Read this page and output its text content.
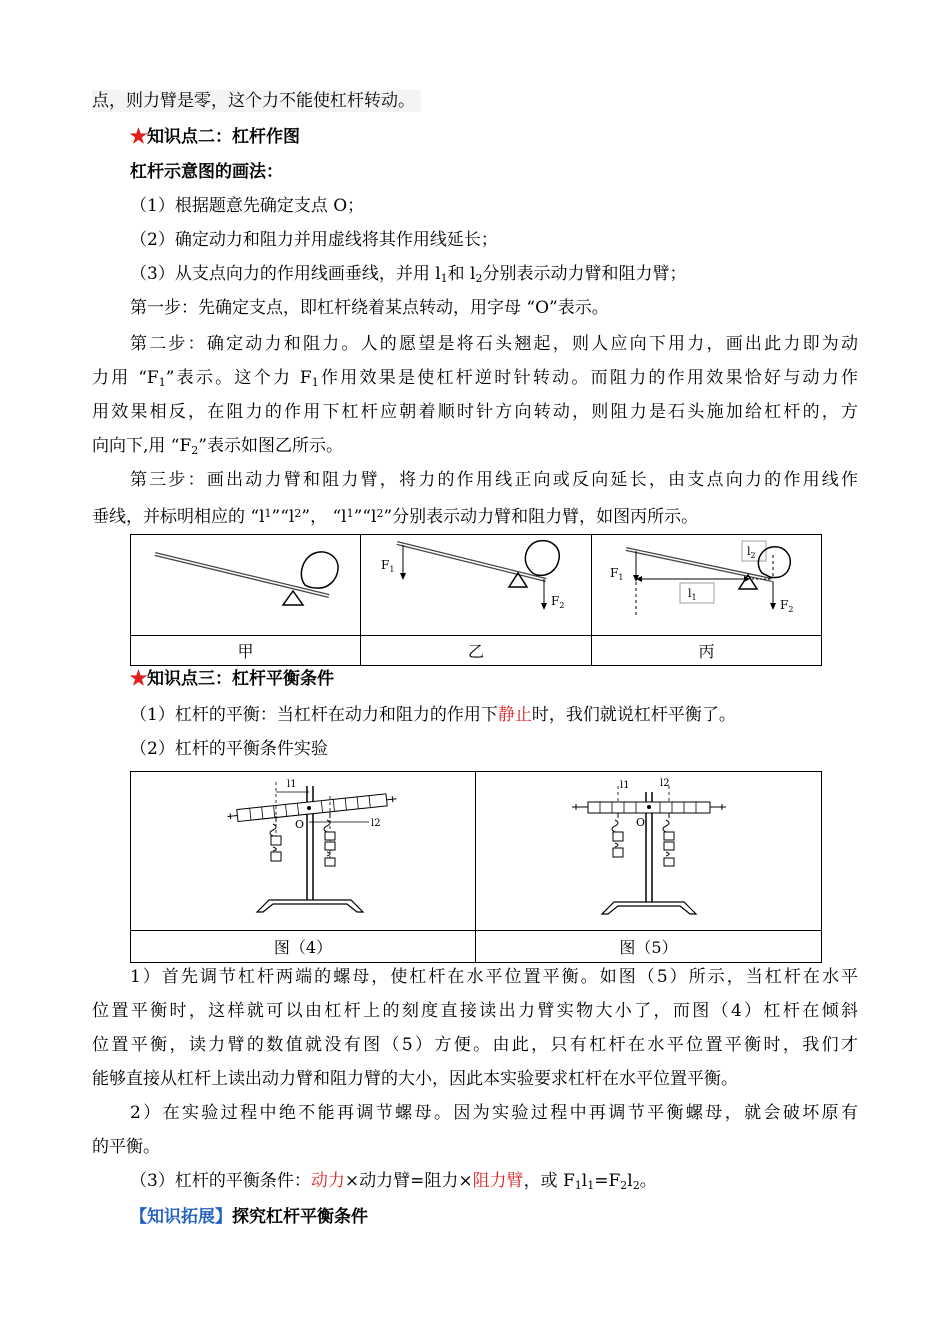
点，则力臂是零，这个力不能使杠杆转动。
★知识点二：杠杆作图
杠杆示意图的画法：
（1）根据题意先确定支点 O；
（2）确定动力和阻力并用虚线将其作用线延长；
（3）从支点向力的作用线画垂线，并用 $l_1$和 $l_2$分别表示动力臂和阻力臂；
第一步：先确定支点，即杠杆绕着某点转动，用字母 “O”表示。
第二步：确定动力和阻力。人的愿望是将石头翘起，则人应向下用力，画出此力即为动
力用 “$F_1$”表示。这个力 $F_1$作用效果是使杠杆逆时针转动。而阻力的作用效果恰好与动力作
用效果相反，在阻力的作用下杠杆应朝着顺时针方向转动，则阻力是石头施加给杠杆的，方
向向下,用 “$F_2$”表示如图乙所示。
第三步：画出动力臂和阻力臂，将力的作用线正向或反向延长，由支点向力的作用线作
垂线，并标明相应的 “$l^1”“l^2$”， “$l^1”“l^2$”分别表示动力臂和阻力臂，如图丙所示。

$F_1$
$F_2$	$F_1$
$l_1$
$l_2$
$F_2$

甲	乙	丙
★知识点三：杠杆平衡条件
（1）杠杆的平衡：当杠杆在动力和阻力的作用下静止时，我们就说杠杆平衡了。
（2）杠杆的平衡条件实验
O
l1
l2	O
l1 l2

图（4）	图（5）
1）首先调节杠杆两端的螺母，使杠杆在水平位置平衡。如图（5）所示，当杠杆在水平
位置平衡时，这样就可以由杠杆上的刻度直接读出力臂实物大小了，而图（4）杠杆在倾斜
位置平衡，读力臂的数值就没有图（5）方便。由此，只有杠杆在水平位置平衡时，我们才
能够直接从杠杆上读出动力臂和阻力臂的大小，因此本实验要求杠杆在水平位置平衡。
2）在实验过程中绝不能再调节螺母。因为实验过程中再调节平衡螺母，就会破坏原有
的平衡。
（3）杠杆的平衡条件：动力×动力臂=阻力×阻力臂，或 $F_1l_1=F_2l_2$。
【知识拓展】探究杠杆平衡条件
